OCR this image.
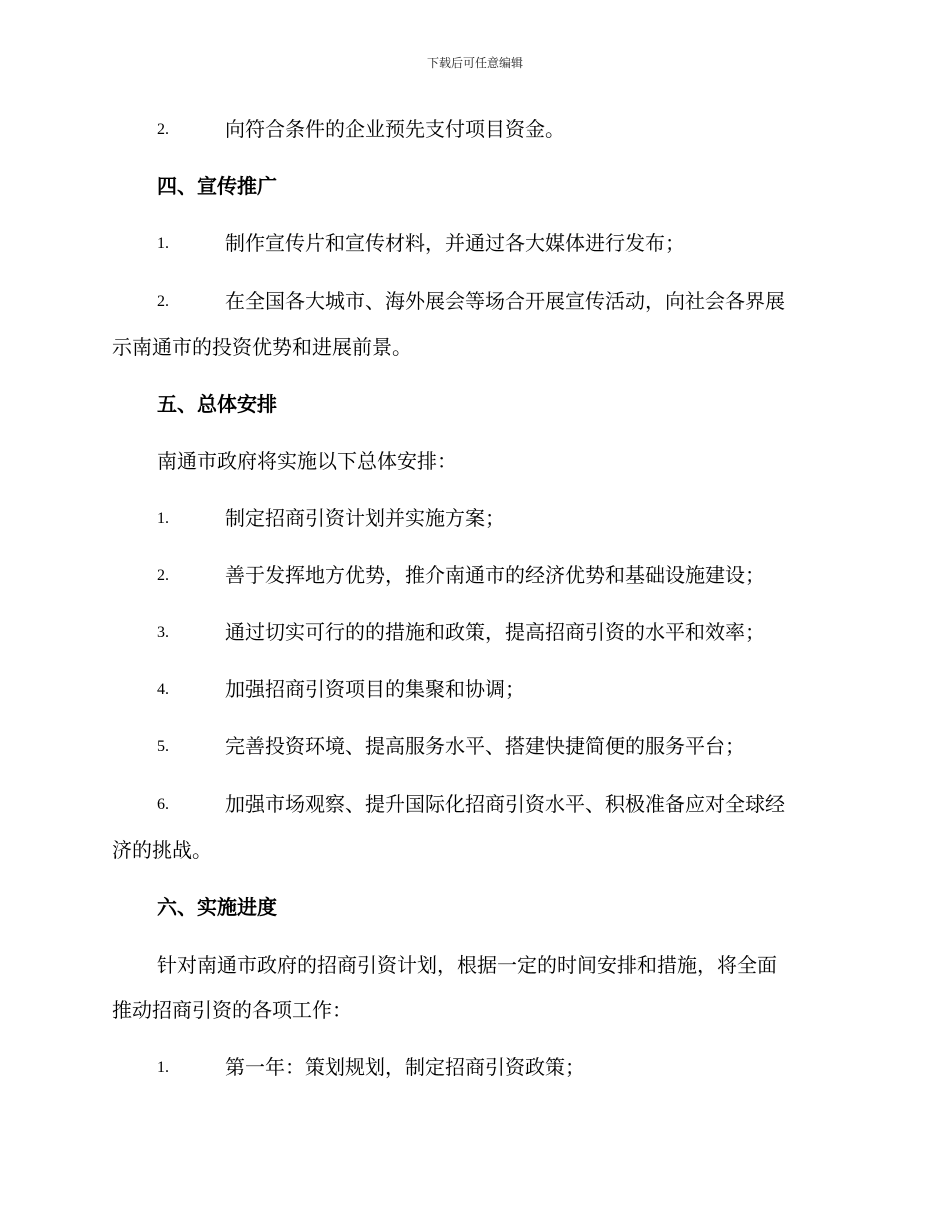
下载后可任意编辑
2.	向符合条件的企业预先支付项目资金。
四、宣传推广
1.	制作宣传片和宣传材料，并通过各大媒体进行发布；
2.	在全国各大城市、海外展会等场合开展宣传活动，向社会各界展
示南通市的投资优势和进展前景。
五、总体安排
南通市政府将实施以下总体安排：
1.	制定招商引资计划并实施方案；
2.	善于发挥地方优势，推介南通市的经济优势和基础设施建设；
3.	通过切实可行的的措施和政策，提高招商引资的水平和效率；
4.	加强招商引资项目的集聚和协调；
5.	完善投资环境、提高服务水平、搭建快捷简便的服务平台；
6.	加强市场观察、提升国际化招商引资水平、积极准备应对全球经
济的挑战。
六、实施进度
针对南通市政府的招商引资计划，根据一定的时间安排和措施，将全面
推动招商引资的各项工作：
1.	第一年：策划规划，制定招商引资政策；
